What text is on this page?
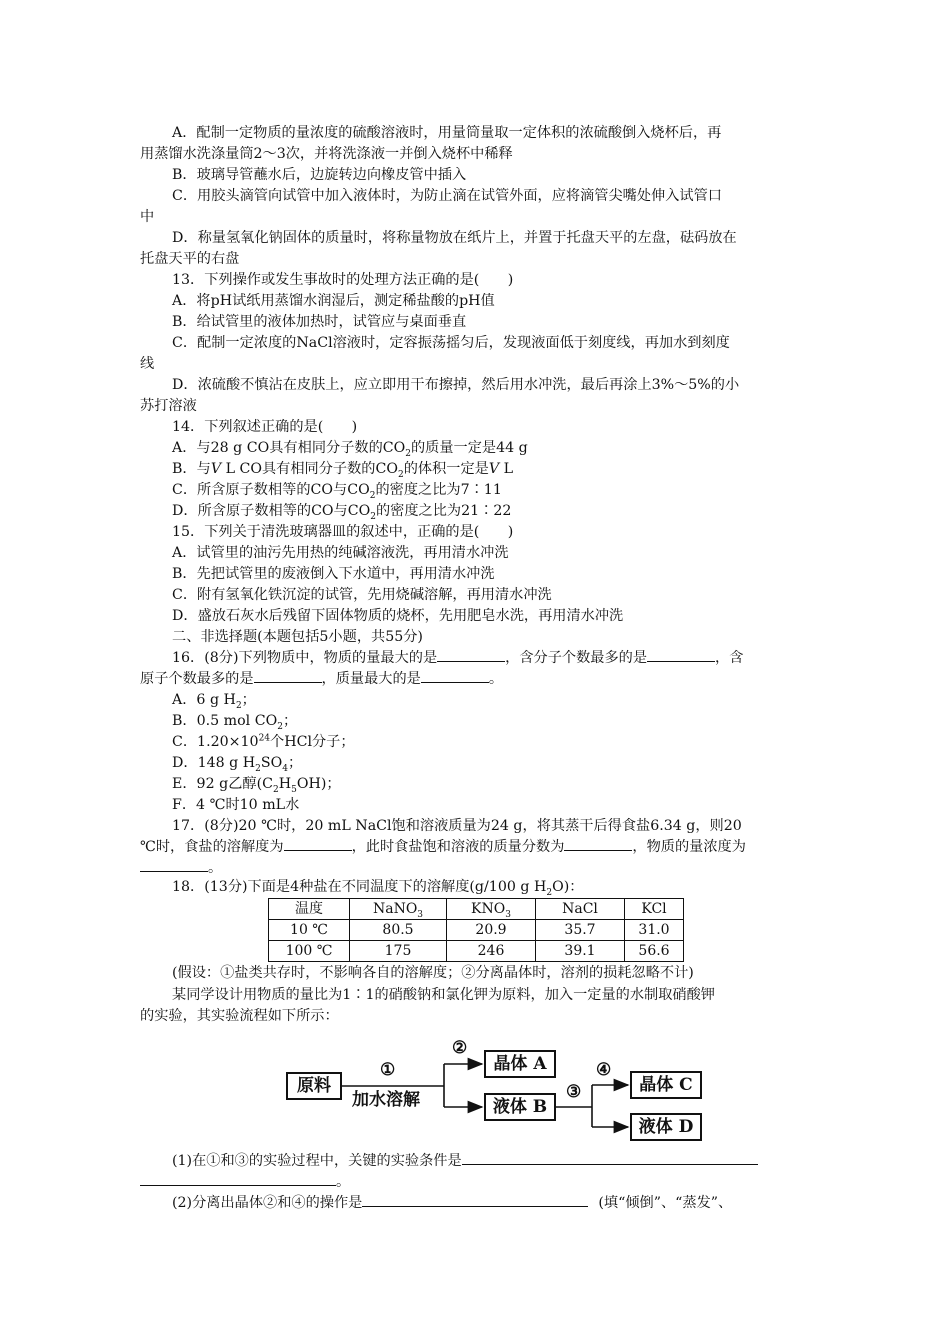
A．配制一定物质的量浓度的硫酸溶液时，用量筒量取一定体积的浓硫酸倒入烧杯后，再
用蒸馏水洗涤量筒2～3次，并将洗涤液一并倒入烧杯中稀释
B．玻璃导管蘸水后，边旋转边向橡皮管中插入
C．用胶头滴管向试管中加入液体时，为防止滴在试管外面，应将滴管尖嘴处伸入试管口
中
D．称量氢氧化钠固体的质量时，将称量物放在纸片上，并置于托盘天平的左盘，砝码放在
托盘天平的右盘
13．下列操作或发生事故时的处理方法正确的是(　　)
A．将pH试纸用蒸馏水润湿后，测定稀盐酸的pH值
B．给试管里的液体加热时，试管应与桌面垂直
C．配制一定浓度的NaCl溶液时，定容振荡摇匀后，发现液面低于刻度线，再加水到刻度
线
D．浓硫酸不慎沾在皮肤上，应立即用干布擦掉，然后用水冲洗，最后再涂上3%～5%的小
苏打溶液
14．下列叙述正确的是(　　)
A．与28 g CO具有相同分子数的$CO_2$的质量一定是44 g
B．与V L CO具有相同分子数的$CO_2$的体积一定是V L
C．所含原子数相等的CO与$CO_2$的密度之比为7∶11
D．所含原子数相等的CO与$CO_2$的密度之比为21∶22
15．下列关于清洗玻璃器皿的叙述中，正确的是(　　)
A．试管里的油污先用热的纯碱溶液洗，再用清水冲洗
B．先把试管里的废液倒入下水道中，再用清水冲洗
C．附有氢氧化铁沉淀的试管，先用烧碱溶解，再用清水冲洗
D．盛放石灰水后残留下固体物质的烧杯，先用肥皂水洗，再用清水冲洗
二、非选择题(本题包括5小题，共55分)
16．(8分)下列物质中，物质的量最大的是	，含分子个数最多的是	，含
原子个数最多的是	，质量最大的是	。
A．6 g $H_2$；
B．0.5 mol $CO_2$；
C．$1.20\times 10^{24}$个HCl分子；
D．148 g $H_2SO_4$；
E．92 g乙醇$(C_2H_5OH)$；
F．4 ℃时10 mL水
17．(8分)20 ℃时，20 mL NaCl饱和溶液质量为24 g，将其蒸干后得食盐6.34 g，则20
℃时，食盐的溶解度为	，此时食盐饱和溶液的质量分数为	，物质的量浓度为
。
18．(13分)下面是4种盐在不同温度下的溶解度(g/100 g $H_2O$)：
温度	NaNO$_3$	$KNO_3$	NaCl	KCl
10 ℃	80.5	20.9	35.7	31.0
100 ℃	175	246	39.1	56.6
(假设：①盐类共存时，不影响各自的溶解度；②分离晶体时，溶剂的损耗忽略不计)
某同学设计用物质的量比为1∶1的硝酸钠和氯化钾为原料，加入一定量的水制取硝酸钾
的实验，其实验流程如下所示：
原料
①
加水溶解
②
晶体 A
液体 B
③
④
晶体 C
液体 D
(1)在①和③的实验过程中，关键的实验条件是
。
(2)分离出晶体②和④的操作是	(填“倾倒”、“蒸发”、
